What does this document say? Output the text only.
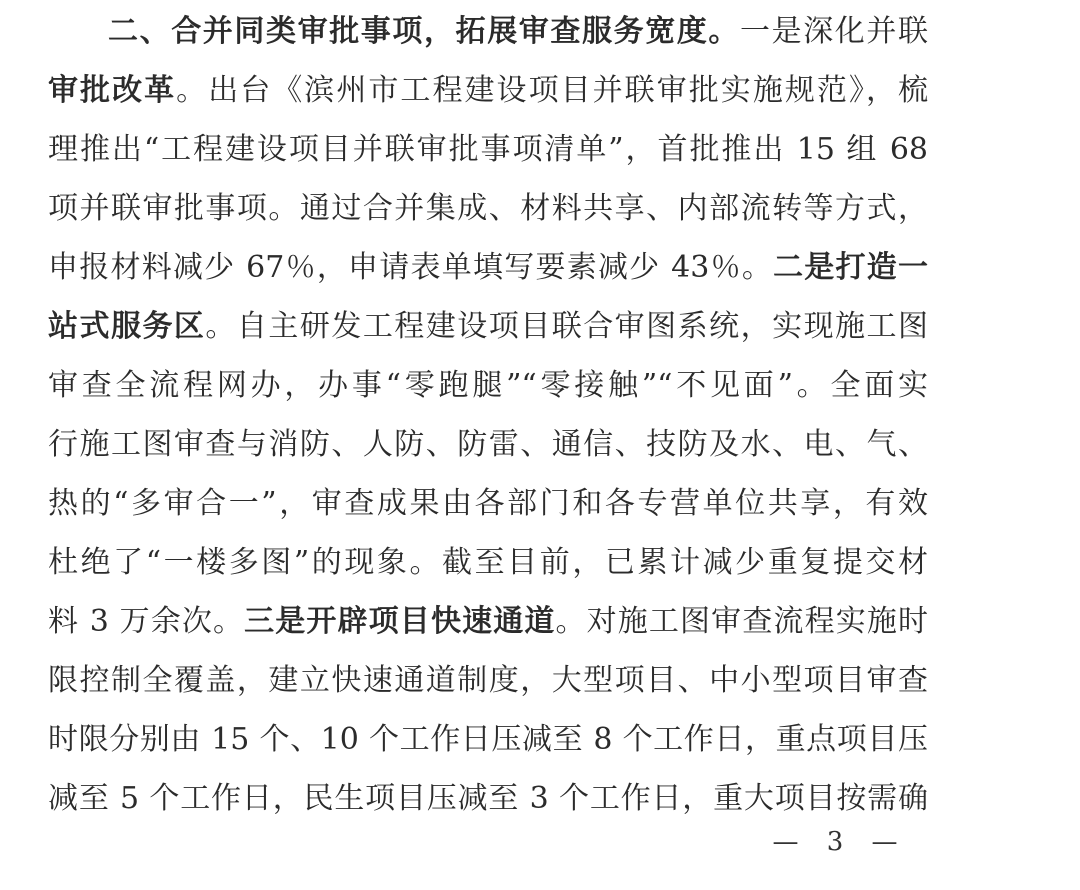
二、合并同类审批事项，拓展审查服务宽度。一是深化并联
审批改革。出台《滨州市工程建设项目并联审批实施规范》，梳
理推出“工程建设项目并联审批事项清单”，首批推出 15 组 68
项并联审批事项。通过合并集成、材料共享、内部流转等方式，
申报材料减少 67％，申请表单填写要素减少 43％。二是打造一
站式服务区。自主研发工程建设项目联合审图系统，实现施工图
审查全流程网办，办事“零跑腿”“零接触”“不见面”。全面实
行施工图审查与消防、人防、防雷、通信、技防及水、电、气、
热的“多审合一”，审查成果由各部门和各专营单位共享，有效
杜绝了“一楼多图”的现象。截至目前，已累计减少重复提交材
料 3 万余次。三是开辟项目快速通道。对施工图审查流程实施时
限控制全覆盖，建立快速通道制度，大型项目、中小型项目审查
时限分别由 15 个、10 个工作日压减至 8 个工作日，重点项目压
减至 5 个工作日，民生项目压减至 3 个工作日，重大项目按需确
— 3 —
